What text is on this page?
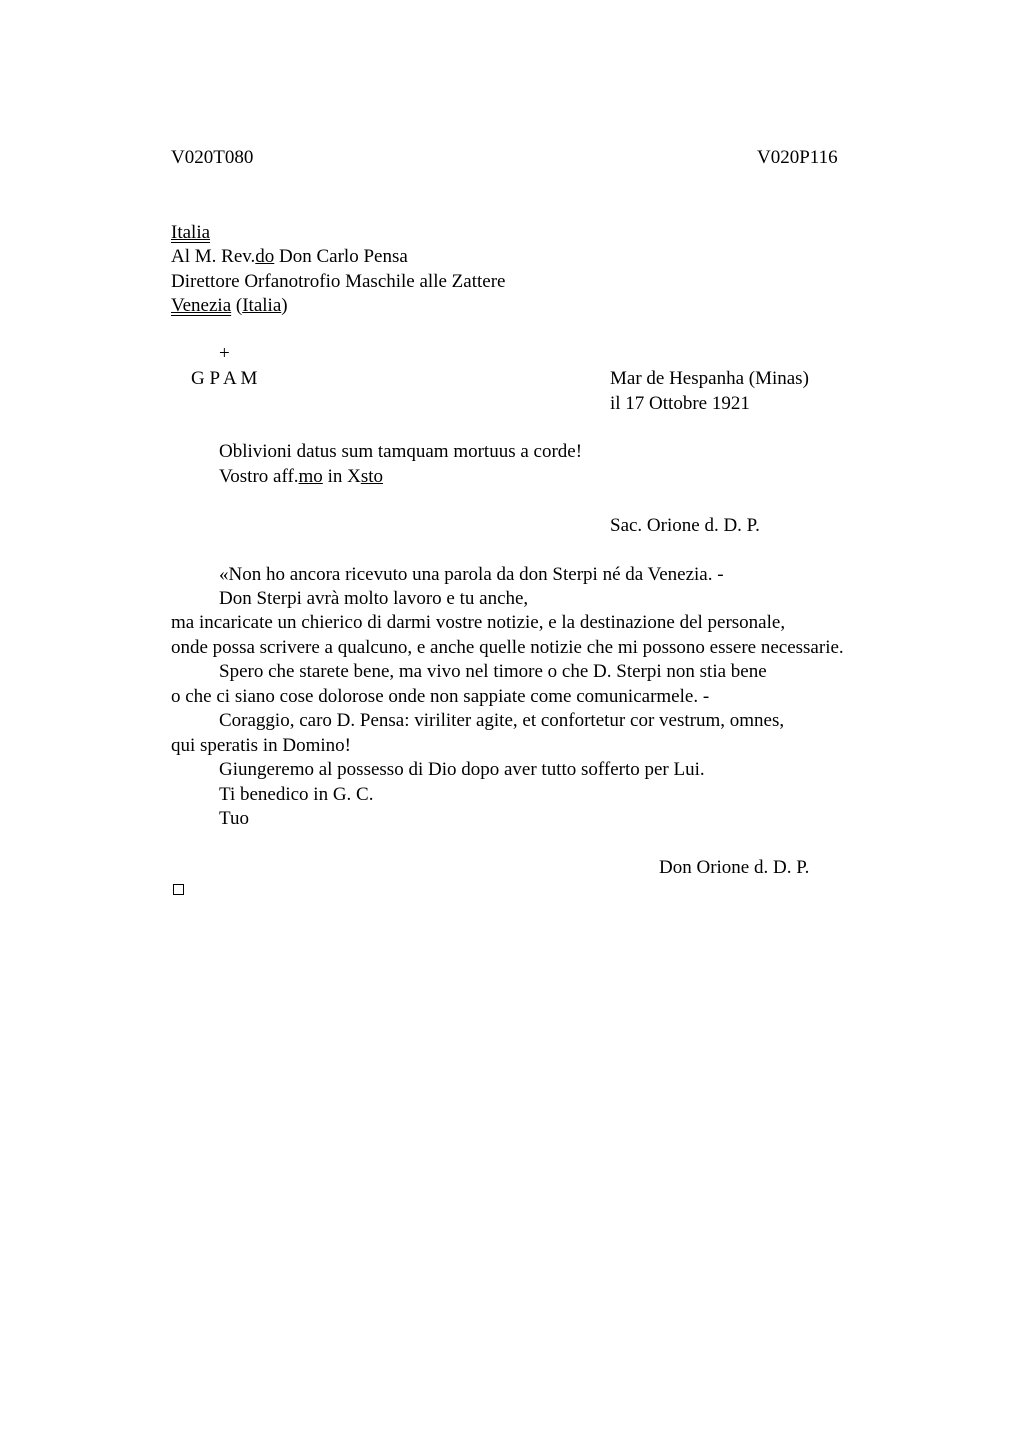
V020T080	V020P116
Italia
Al M. Rev.do Don Carlo Pensa
Direttore Orfanotrofio Maschile alle Zattere
Venezia (Italia)
+
G P A M	Mar de Hespanha (Minas)
il 17 Ottobre 1921
Oblivioni datus sum tamquam mortuus a corde!
Vostro aff.mo in Xsto
Sac. Orione d. D. P.
«Non ho ancora ricevuto una parola da don Sterpi né da Venezia. -
Don Sterpi avrà molto lavoro e tu anche,
ma incaricate un chierico di darmi vostre notizie, e la destinazione del personale,
onde possa scrivere a qualcuno, e anche quelle notizie che mi possono essere necessarie.
Spero che starete bene, ma vivo nel timore o che D. Sterpi non stia bene
o che ci siano cose dolorose onde non sappiate come comunicarmele. -
Coraggio, caro D. Pensa: viriliter agite, et confortetur cor vestrum, omnes,
qui speratis in Domino!
Giungeremo al possesso di Dio dopo aver tutto sofferto per Lui.
Ti benedico in G. C.
Tuo
Don Orione d. D. P.
